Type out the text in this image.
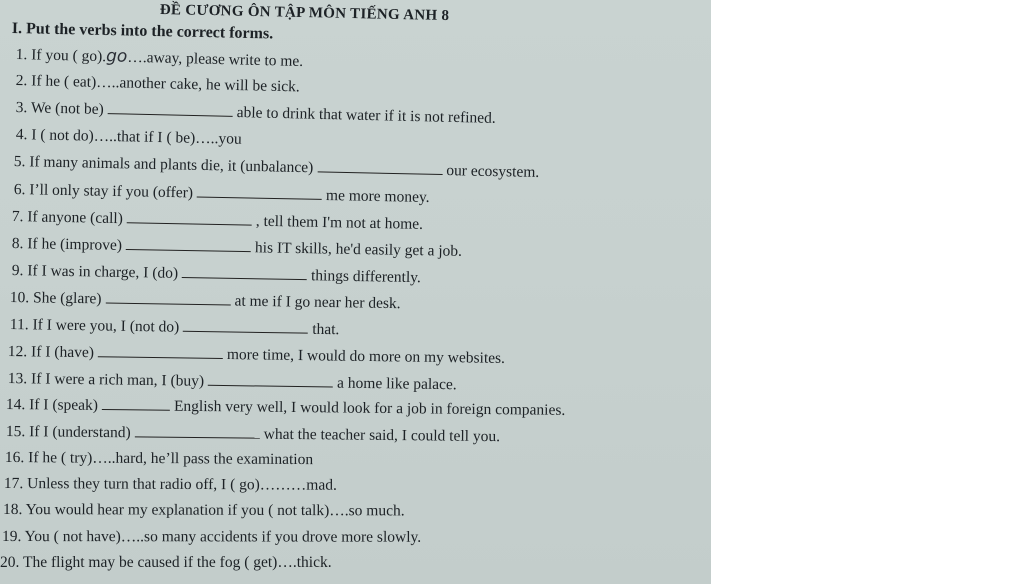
ĐỀ CƯƠNG ÔN TẬP MÔN TIẾNG ANH 8
I. Put the verbs into the correct forms.
1. If you ( go).go….away, please write to me.
2. If he ( eat)…..another cake, he will be sick.
3. We (not be)	able to drink that water if it is not refined.
4. I ( not do)…..that if I ( be)…..you
5. If many animals and plants die, it (unbalance)	our ecosystem.
6. I’ll only stay if you (offer)	me more money.
7. If anyone (call)	, tell them I'm not at home.
8. If he (improve)	his IT skills, he'd easily get a job.
9. If I was in charge, I (do)	things differently.
10. She (glare)	at me if I go near her desk.
11. If I were you, I (not do)	that.
12. If I (have)	more time, I would do more on my websites.
13. If I were a rich man, I (buy)	a home like palace.
14. If I (speak)	English very well, I would look for a job in foreign companies.
15. If I (understand)	what the teacher said, I could tell you.
16. If he ( try)…..hard, he’ll pass the examination
17. Unless they turn that radio off, I ( go)………mad.
18. You would hear my explanation if you ( not talk)….so much.
19. You ( not have)…..so many accidents if you drove more slowly.
20. The flight may be caused if the fog ( get)….thick.
